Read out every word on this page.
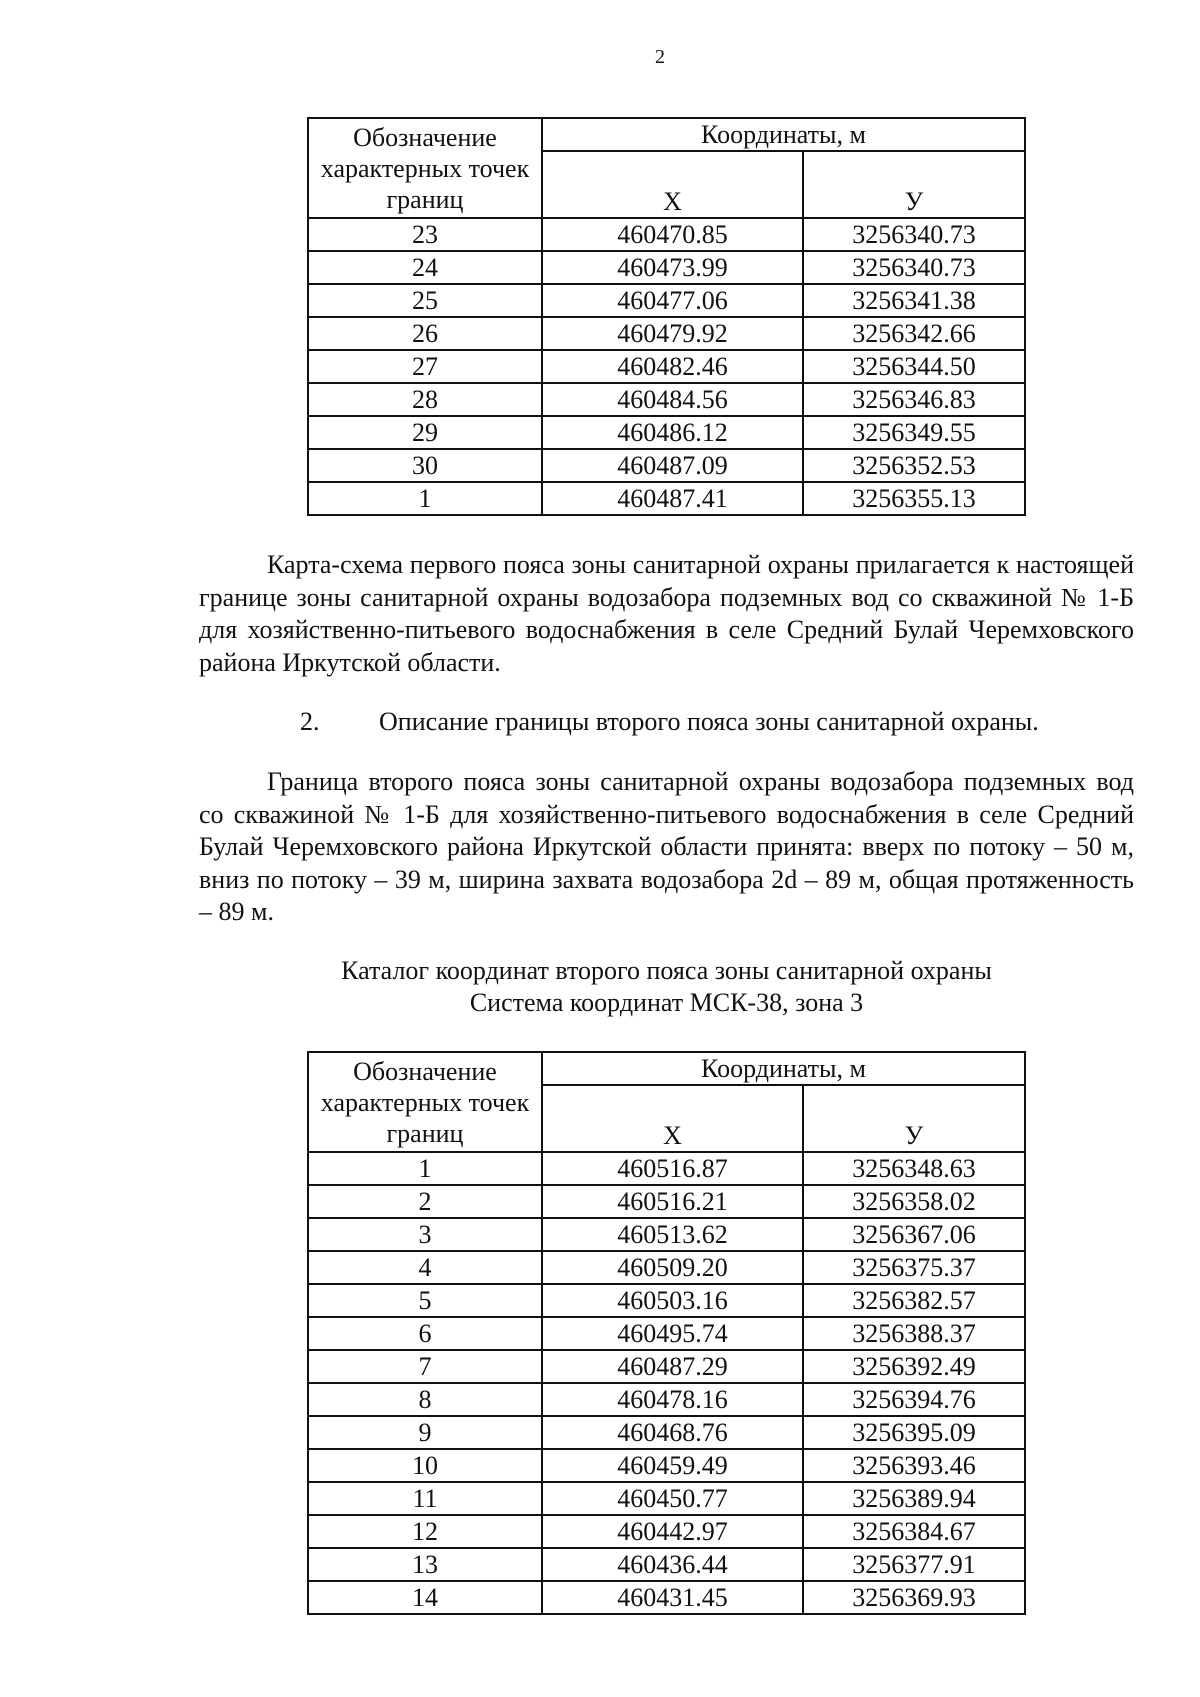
2
Обозначение характерных точек границ	Координаты, м	
	X	У
23	460470.85	3256340.73
24	460473.99	3256340.73
25	460477.06	3256341.38
26	460479.92	3256342.66
27	460482.46	3256344.50
28	460484.56	3256346.83
29	460486.12	3256349.55
30	460487.09	3256352.53
1	460487.41	3256355.13

Карта-схема первого пояса зоны санитарной охраны прилагается к настоящей границе зоны санитарной охраны водозабора подземных вод со скважиной № 1-Б для хозяйственно-питьевого водоснабжения в селе Средний Булай Черемховского района Иркутской области.

2. Описание границы второго пояса зоны санитарной охраны.

Граница второго пояса зоны санитарной охраны водозабора подземных вод со скважиной № 1-Б для хозяйственно-питьевого водоснабжения в селе Средний Булай Черемховского района Иркутской области принята: вверх по потоку – 50 м, вниз по потоку – 39 м, ширина захвата водозабора 2d – 89 м, общая протяженность – 89 м.

Каталог координат второго пояса зоны санитарной охраны
Система координат МСК-38, зона 3
Обозначение характерных точек границ	Координаты, м	
	X	У
1	460516.87	3256348.63
2	460516.21	3256358.02
3	460513.62	3256367.06
4	460509.20	3256375.37
5	460503.16	3256382.57
6	460495.74	3256388.37
7	460487.29	3256392.49
8	460478.16	3256394.76
9	460468.76	3256395.09
10	460459.49	3256393.46
11	460450.77	3256389.94
12	460442.97	3256384.67
13	460436.44	3256377.91
14	460431.45	3256369.93
